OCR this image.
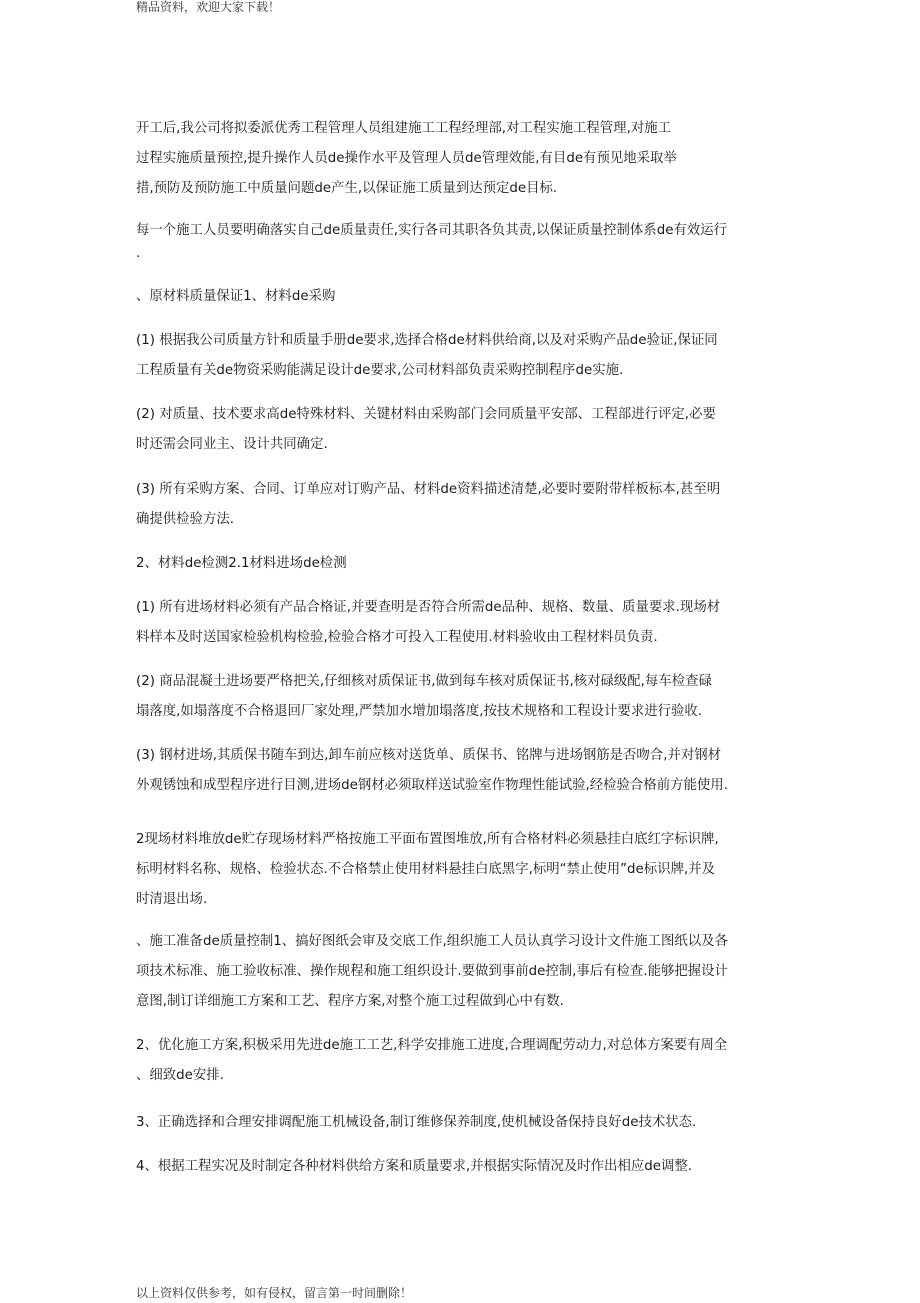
精品资料，欢迎大家下载！
开工后,我公司将拟委派优秀工程管理人员组建施工工程经理部,对工程实施工程管理,对施工
过程实施质量预控,提升操作人员de操作水平及管理人员de管理效能,有目de有预见地采取举
措,预防及预防施工中质量问题de产生,以保证施工质量到达预定de目标.
每一个施工人员要明确落实自己de质量责任,实行各司其职各负其责,以保证质量控制体系de有效运行
.
、原材料质量保证1、材料de采购
(1) 根据我公司质量方针和质量手册de要求,选择合格de材料供给商,以及对采购产品de验证,保证同
工程质量有关de物资采购能满足设计de要求,公司材料部负责采购控制程序de实施.
(2) 对质量、技术要求高de特殊材料、关键材料由采购部门会同质量平安部、工程部进行评定,必要
时还需会同业主、设计共同确定.
(3) 所有采购方案、合同、订单应对订购产品、材料de资料描述清楚,必要时要附带样板标本,甚至明
确提供检验方法.
2、材料de检测2.1材料进场de检测
(1) 所有进场材料必须有产品合格证,并要查明是否符合所需de品种、规格、数量、质量要求.现场材
料样本及时送国家检验机构检验,检验合格才可投入工程使用.材料验收由工程材料员负责.
(2) 商品混凝土进场要严格把关,仔细核对质保证书,做到每车核对质保证书,核对碌级配,每车检查碌
塌落度,如塌落度不合格退回厂家处理,严禁加水增加塌落度,按技术规格和工程设计要求进行验收.
(3) 钢材进场,其质保书随车到达,卸车前应核对送货单、质保书、铭牌与进场钢筋是否吻合,并对钢材
外观锈蚀和成型程序进行目测,进场de钢材必须取样送试验室作物理性能试验,经检验合格前方能使用.
2现场材料堆放de贮存现场材料严格按施工平面布置图堆放,所有合格材料必须悬挂白底红字标识牌,
标明材料名称、规格、检验状态.不合格禁止使用材料悬挂白底黑字,标明“禁止使用”de标识牌,并及
时清退出场.
、施工准备de质量控制1、搞好图纸会审及交底工作,组织施工人员认真学习设计文件施工图纸以及各
项技术标准、施工验收标准、操作规程和施工组织设计.要做到事前de控制,事后有检查.能够把握设计
意图,制订详细施工方案和工艺、程序方案,对整个施工过程做到心中有数.
2、优化施工方案,积极采用先进de施工工艺,科学安排施工进度,合理调配劳动力,对总体方案要有周全
、细致de安排.
3、正确选择和合理安排调配施工机械设备,制订维修保养制度,使机械设备保持良好de技术状态.
4、根据工程实况及时制定各种材料供给方案和质量要求,并根据实际情况及时作出相应de调整.
以上资料仅供参考，如有侵权，留言第一时间删除！
